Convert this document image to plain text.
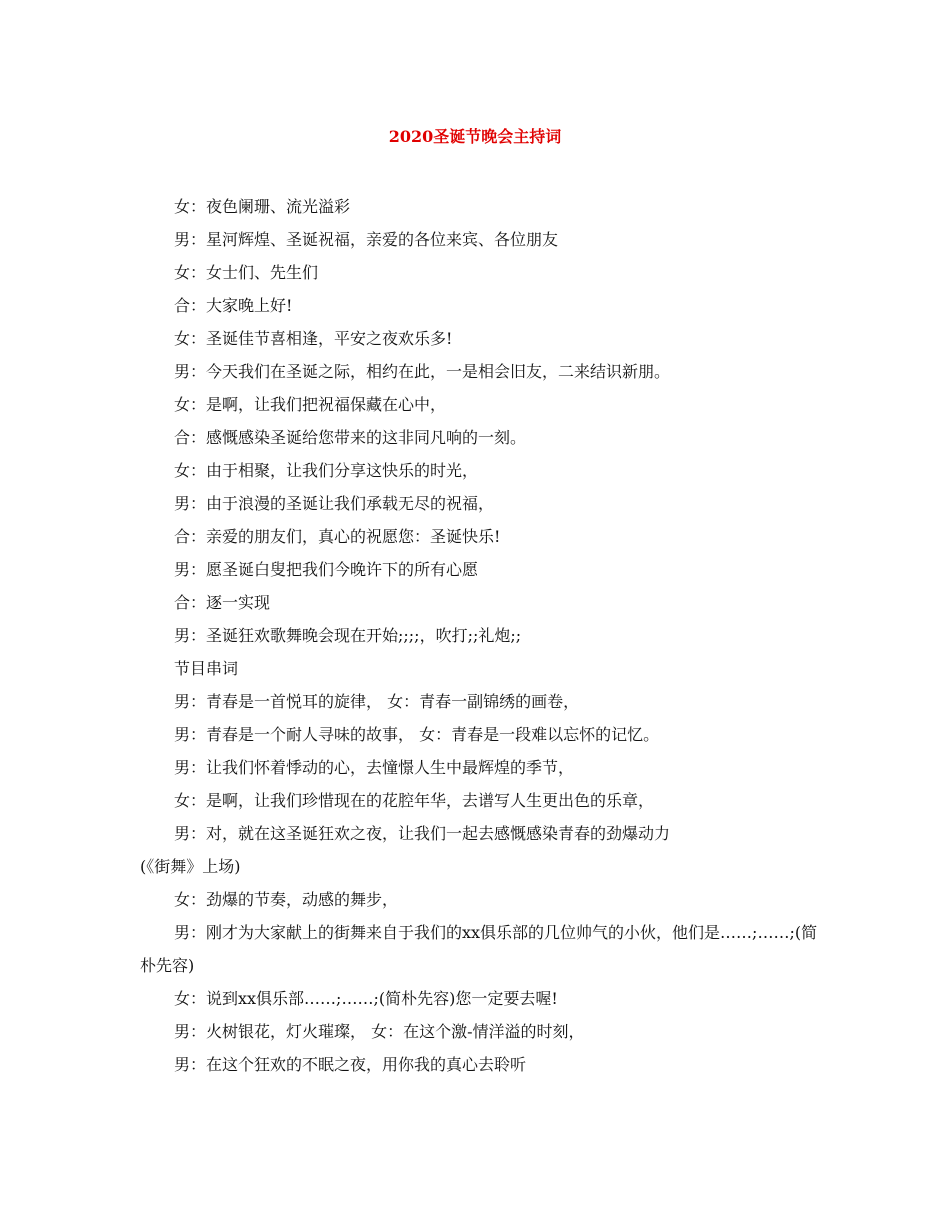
2020圣诞节晚会主持词
女：夜色阑珊、流光溢彩
男：星河辉煌、圣诞祝福，亲爱的各位来宾、各位朋友
女：女士们、先生们
合：大家晚上好!
女：圣诞佳节喜相逢，平安之夜欢乐多!
男：今天我们在圣诞之际，相约在此，一是相会旧友，二来结识新朋。
女：是啊，让我们把祝福保藏在心中，
合：感慨感染圣诞给您带来的这非同凡响的一刻。
女：由于相聚，让我们分享这快乐的时光，
男：由于浪漫的圣诞让我们承载无尽的祝福，
合：亲爱的朋友们，真心的祝愿您：圣诞快乐!
男：愿圣诞白叟把我们今晚许下的所有心愿
合：逐一实现
男：圣诞狂欢歌舞晚会现在开始;;;;，吹打;;礼炮;;
节目串词
男：青春是一首悦耳的旋律， 女：青春一副锦绣的画卷，
男：青春是一个耐人寻味的故事， 女：青春是一段难以忘怀的记忆。
男：让我们怀着悸动的心，去憧憬人生中最辉煌的季节，
女：是啊，让我们珍惜现在的花腔年华，去谱写人生更出色的乐章，
男：对，就在这圣诞狂欢之夜，让我们一起去感慨感染青春的劲爆动力
(《街舞》上场)
女：劲爆的节奏，动感的舞步，
男：刚才为大家献上的街舞来自于我们的xx俱乐部的几位帅气的小伙，他们是……;……;(简朴先容)
女：说到xx俱乐部……;……;(简朴先容)您一定要去喔!
男：火树银花，灯火璀璨， 女：在这个激-情洋溢的时刻，
男：在这个狂欢的不眠之夜，用你我的真心去聆听
